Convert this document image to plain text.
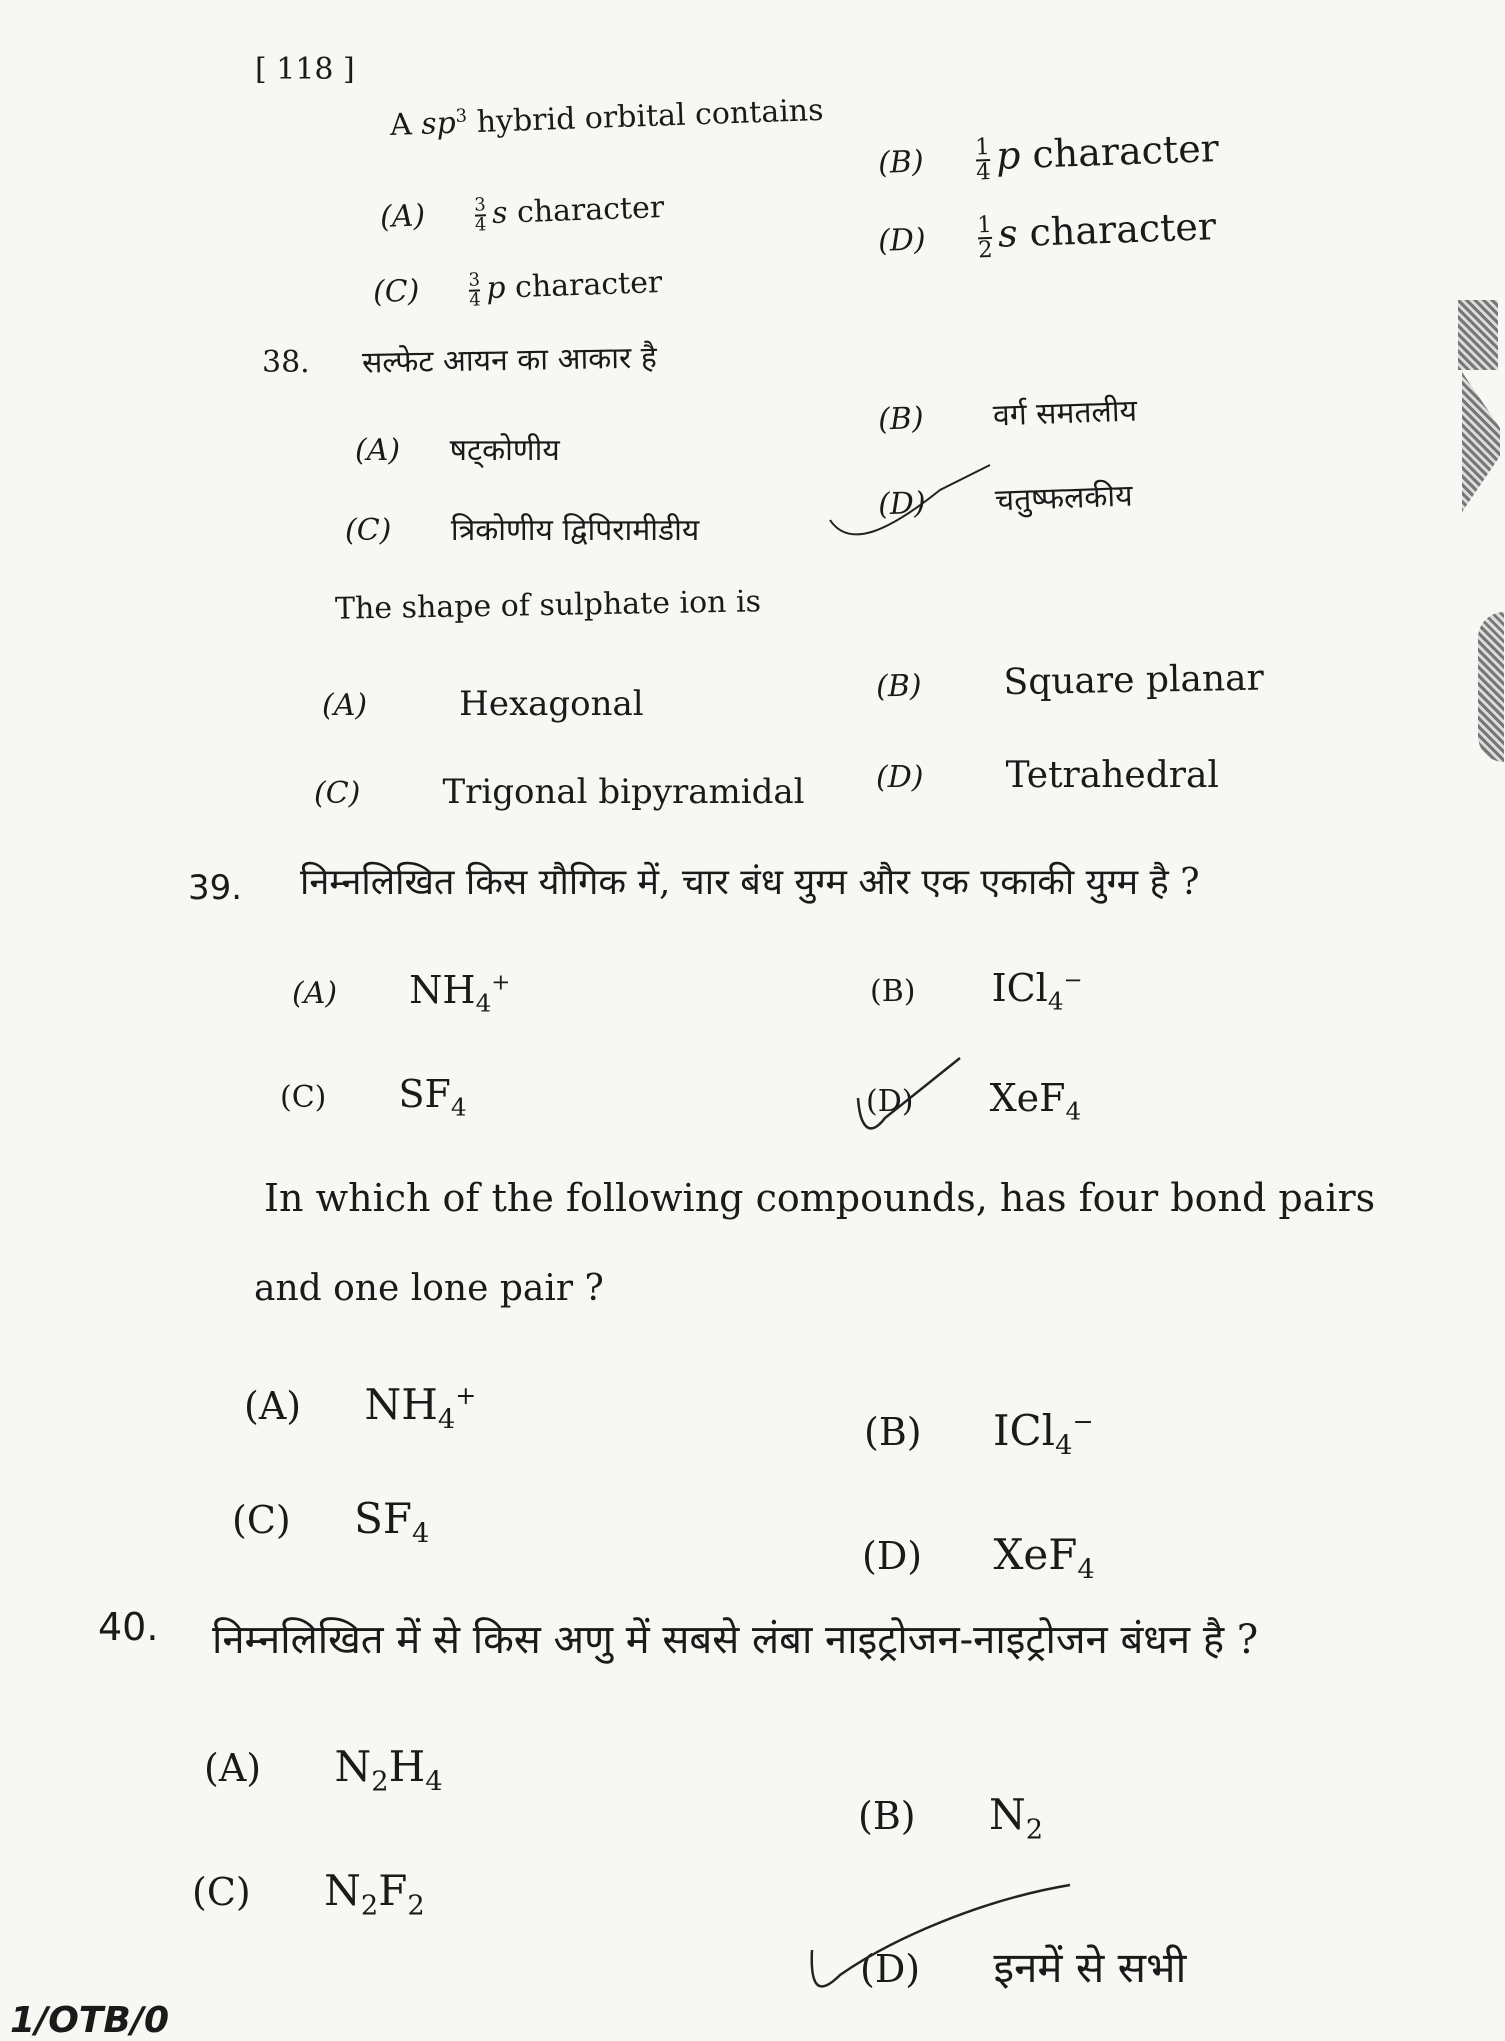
[ 118 ]
A $sp^3$ hybrid orbital contains
(A)	$\frac{3}{4}$ s character
$(B) \frac{1}{4}$ p character
(C)	$\frac{3}{4}$ p character
$(D) \frac{1}{2}$ s character
38. सल्फेट आयन का आकार है
(A) षट्कोणीय
(B) वर्ग समतलीय
(C) त्रिकोणीय द्विपिरामीडीय
(D) चतुष्फलकीय
The shape of sulphate ion is
(A)	Hexagonal	(B) Square planar
(C) Trigonal bipyramidal (D) Tetrahedral
39. निम्नलिखित किस यौगिक में, चार बंध युग्म और एक एकाकी युग्म है ?
(A) $NH_4^+$	(B) ICl$_4$−
(C) $SF_4$	(D) XeF$_4$
In which of the following compounds, has four bond pairs
and one lone pair ?
(A) $NH_4^+$
(B) ICl$_4$−
(C) $SF_4$	(D) XeF$_4$
40. निम्नलिखित में से किस अणु में सबसे लंबा नाइट्रोजन-नाइट्रोजन बंधन है ?
(A) $N_2H_4$
(B) $N_2$
(C) $N_2F_2$
(D) इनमें से सभी
1/OTB/0
